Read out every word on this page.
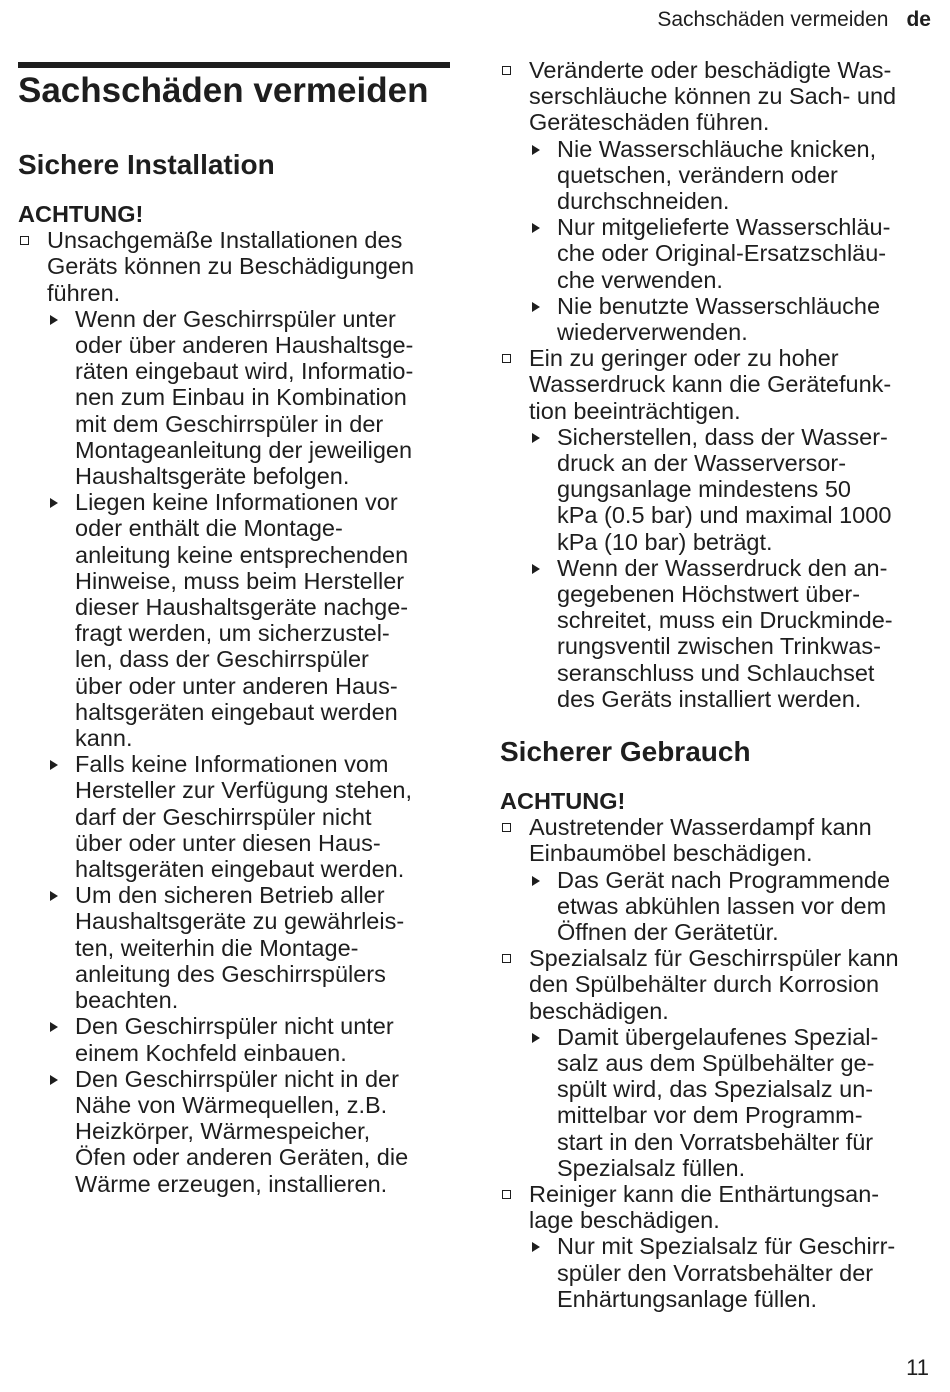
Sachschäden vermeiden de
Sachschäden vermeiden
Sichere Installation
ACHTUNG!
Unsachgemäße Installationen des
Geräts können zu Beschädigungen
führen.
Wenn der Geschirrspüler unter
oder über anderen Haushaltsge-
räten eingebaut wird, Informatio-
nen zum Einbau in Kombination
mit dem Geschirrspüler in der
Montageanleitung der jeweiligen
Haushaltsgeräte befolgen.
Liegen keine Informationen vor
oder enthält die Montage-
anleitung keine entsprechenden
Hinweise, muss beim Hersteller
dieser Haushaltsgeräte nachge-
fragt werden, um sicherzustel-
len, dass der Geschirrspüler
über oder unter anderen Haus-
haltsgeräten eingebaut werden
kann.
Falls keine Informationen vom
Hersteller zur Verfügung stehen,
darf der Geschirrspüler nicht
über oder unter diesen Haus-
haltsgeräten eingebaut werden.
Um den sicheren Betrieb aller
Haushaltsgeräte zu gewährleis-
ten, weiterhin die Montage-
anleitung des Geschirrspülers
beachten.
Den Geschirrspüler nicht unter
einem Kochfeld einbauen.
Den Geschirrspüler nicht in der
Nähe von Wärmequellen, z.B.
Heizkörper, Wärmespeicher,
Öfen oder anderen Geräten, die
Wärme erzeugen, installieren.
Veränderte oder beschädigte Was-
serschläuche können zu Sach- und
Geräteschäden führen.
Nie Wasserschläuche knicken,
quetschen, verändern oder
durchschneiden.
Nur mitgelieferte Wasserschläu-
che oder Original-Ersatzschläu-
che verwenden.
Nie benutzte Wasserschläuche
wiederverwenden.
Ein zu geringer oder zu hoher
Wasserdruck kann die Gerätefunk-
tion beeinträchtigen.
Sicherstellen, dass der Wasser-
druck an der Wasserversor-
gungsanlage mindestens 50
kPa (0.5 bar) und maximal 1000
kPa (10 bar) beträgt.
Wenn der Wasserdruck den an-
gegebenen Höchstwert über-
schreitet, muss ein Druckminde-
rungsventil zwischen Trinkwas-
seranschluss und Schlauchset
des Geräts installiert werden.
Sicherer Gebrauch
ACHTUNG!
Austretender Wasserdampf kann
Einbaumöbel beschädigen.
Das Gerät nach Programmende
etwas abkühlen lassen vor dem
Öffnen der Gerätetür.
Spezialsalz für Geschirrspüler kann
den Spülbehälter durch Korrosion
beschädigen.
Damit übergelaufenes Spezial-
salz aus dem Spülbehälter ge-
spült wird, das Spezialsalz un-
mittelbar vor dem Programm-
start in den Vorratsbehälter für
Spezialsalz füllen.
Reiniger kann die Enthärtungsan-
lage beschädigen.
Nur mit Spezialsalz für Geschirr-
spüler den Vorratsbehälter der
Enhärtungsanlage füllen.
11
